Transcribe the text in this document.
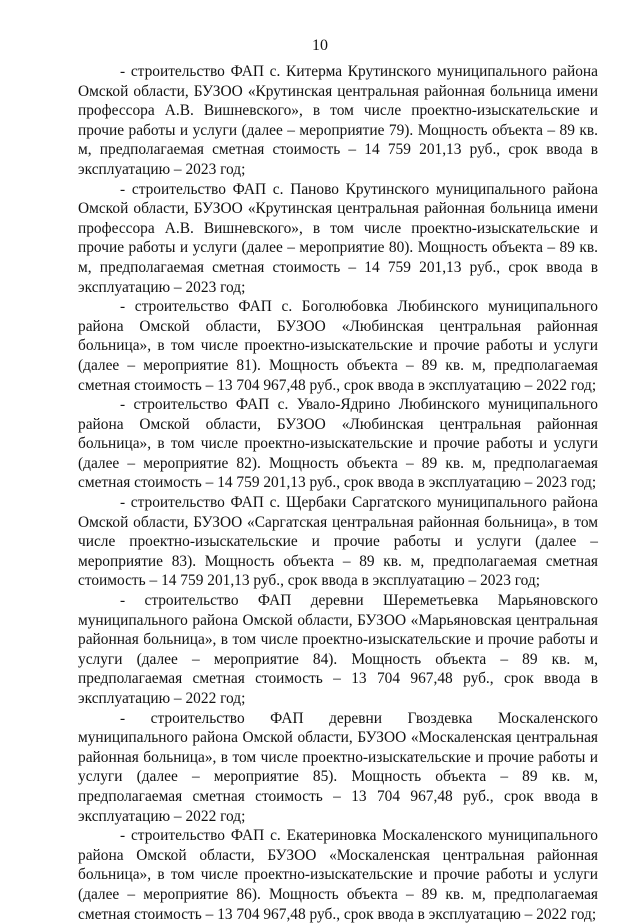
10

- строительство ФАП с. Китерма Крутинского муниципального района Омской области, БУЗОО «Крутинская центральная районная больница имени профессора А.В. Вишневского», в том числе проектно-изыскательские и прочие работы и услуги (далее – мероприятие 79). Мощность объекта – 89 кв. м, предполагаемая сметная стоимость – 14 759 201,13 руб., срок ввода в эксплуатацию – 2023 год;

- строительство ФАП с. Паново Крутинского муниципального района Омской области, БУЗОО «Крутинская центральная районная больница имени профессора А.В. Вишневского», в том числе проектно-изыскательские и прочие работы и услуги (далее – мероприятие 80). Мощность объекта – 89 кв. м, предполагаемая сметная стоимость – 14 759 201,13 руб., срок ввода в эксплуатацию – 2023 год;

- строительство ФАП с. Боголюбовка Любинского муниципального района Омской области, БУЗОО «Любинская центральная районная больница», в том числе проектно-изыскательские и прочие работы и услуги (далее – мероприятие 81). Мощность объекта – 89 кв. м, предполагаемая сметная стоимость – 13 704 967,48 руб., срок ввода в эксплуатацию – 2022 год;

- строительство ФАП с. Увало-Ядрино Любинского муниципального района Омской области, БУЗОО «Любинская центральная районная больница», в том числе проектно-изыскательские и прочие работы и услуги (далее – мероприятие 82). Мощность объекта – 89 кв. м, предполагаемая сметная стоимость – 14 759 201,13 руб., срок ввода в эксплуатацию – 2023 год;

- строительство ФАП с. Щербаки Саргатского муниципального района Омской области, БУЗОО «Саргатская центральная районная больница», в том числе проектно-изыскательские и прочие работы и услуги (далее – мероприятие 83). Мощность объекта – 89 кв. м, предполагаемая сметная стоимость – 14 759 201,13 руб., срок ввода в эксплуатацию – 2023 год;

- строительство ФАП деревни Шереметьевка Марьяновского муниципального района Омской области, БУЗОО «Марьяновская центральная районная больница», в том числе проектно-изыскательские и прочие работы и услуги (далее – мероприятие 84). Мощность объекта – 89 кв. м, предполагаемая сметная стоимость – 13 704 967,48 руб., срок ввода в эксплуатацию – 2022 год;

- строительство ФАП деревни Гвоздевка Москаленского муниципального района Омской области, БУЗОО «Москаленская центральная районная больница», в том числе проектно-изыскательские и прочие работы и услуги (далее – мероприятие 85). Мощность объекта – 89 кв. м, предполагаемая сметная стоимость – 13 704 967,48 руб., срок ввода в эксплуатацию – 2022 год;

- строительство ФАП с. Екатериновка Москаленского муниципального района Омской области, БУЗОО «Москаленская центральная районная больница», в том числе проектно-изыскательские и прочие работы и услуги (далее – мероприятие 86). Мощность объекта – 89 кв. м, предполагаемая сметная стоимость – 13 704 967,48 руб., срок ввода в эксплуатацию – 2022 год;
